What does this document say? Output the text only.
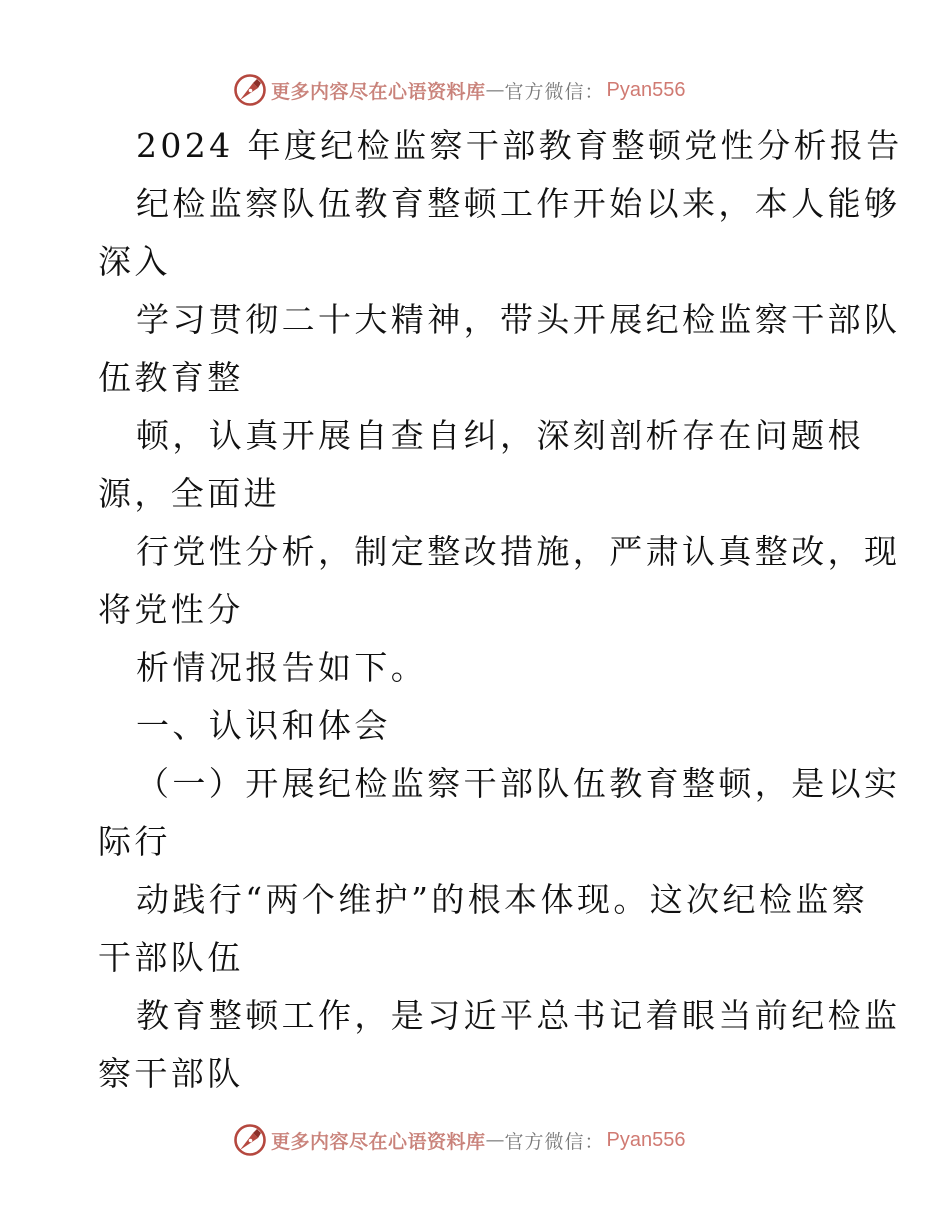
更多内容尽在心语资料库 — 官方微信： Pyan556
2024 年度纪检监察干部教育整顿党性分析报告
纪检监察队伍教育整顿工作开始以来，本人能够
深入
学习贯彻二十大精神，带头开展纪检监察干部队
伍教育整
顿，认真开展自查自纠，深刻剖析存在问题根
源，全面进
行党性分析，制定整改措施，严肃认真整改，现
将党性分
析情况报告如下。
一、认识和体会
（一）开展纪检监察干部队伍教育整顿，是以实
际行
动践行“两个维护”的根本体现。这次纪检监察
干部队伍
教育整顿工作，是习近平总书记着眼当前纪检监
察干部队
更多内容尽在心语资料库 — 官方微信： Pyan556
